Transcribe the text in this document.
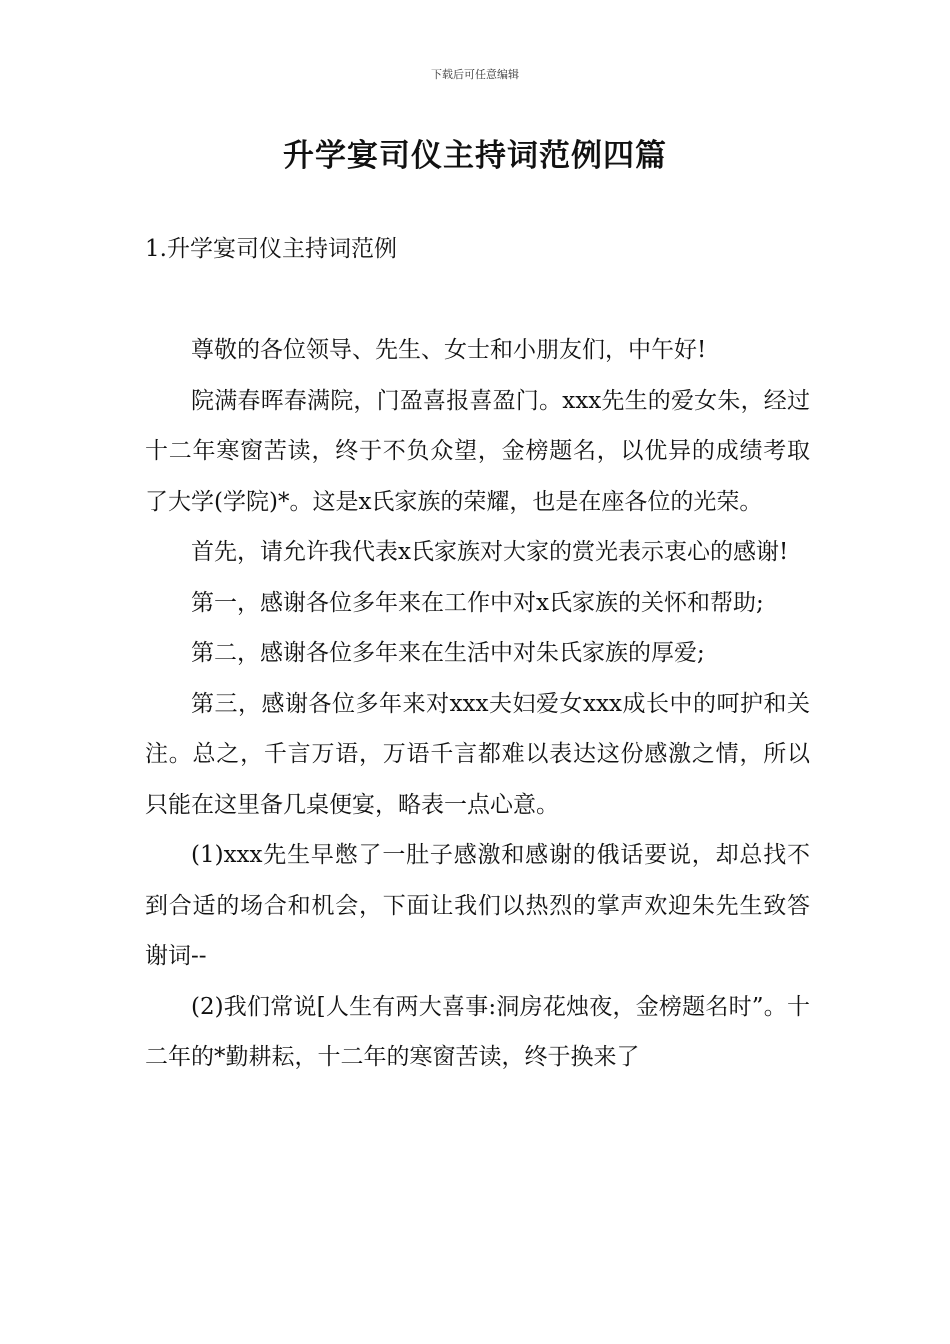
下载后可任意编辑
升学宴司仪主持词范例四篇
1.升学宴司仪主持词范例

尊敬的各位领导、先生、女士和小朋友们，中午好!

院满春晖春满院，门盈喜报喜盈门。xxx先生的爱女朱，经过十二年寒窗苦读，终于不负众望，金榜题名，以优异的成绩考取了大学(学院)*。这是x氏家族的荣耀，也是在座各位的光荣。

首先，请允许我代表x氏家族对大家的赏光表示衷心的感谢!

第一，感谢各位多年来在工作中对x氏家族的关怀和帮助;

第二，感谢各位多年来在生活中对朱氏家族的厚爱;

第三，感谢各位多年来对xxx夫妇爱女xxx成长中的呵护和关注。总之，千言万语，万语千言都难以表达这份感激之情，所以只能在这里备几桌便宴，略表一点心意。

(1)xxx先生早憋了一肚子感激和感谢的俄话要说，却总找不到合适的场合和机会，下面让我们以热烈的掌声欢迎朱先生致答谢词--

(2)我们常说[人生有两大喜事:洞房花烛夜，金榜题名时”。十二年的*勤耕耘，十二年的寒窗苦读，终于换来了
